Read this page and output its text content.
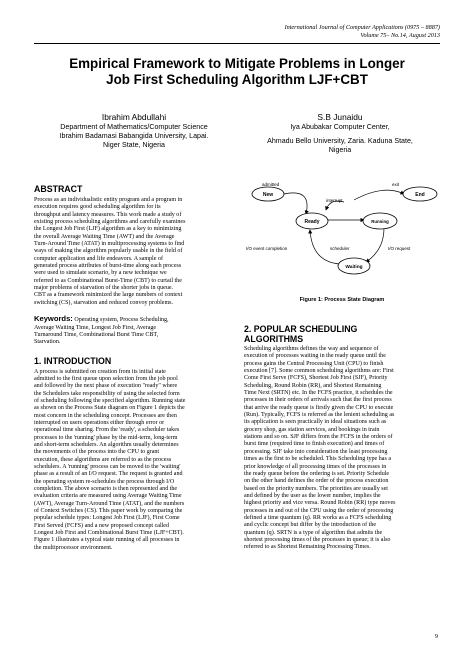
International Journal of Computer Applications (0975 – 8887)
Volume 75– No.14, August 2013
Empirical Framework to Mitigate Problems in Longer
Job First Scheduling Algorithm LJF+CBT
Ibrahim Abdullahi
Department of Mathematics/Computer Science
Ibrahim Badamasi Babangida University, Lapai.
Niger State, Nigeria
S.B Junaidu
Iya Abubakar Computer Center,
Ahmadu Bello University, Zaria. Kaduna State,
Nigeria
ABSTRACT

Process as an individualistic entity program and a program in

execution requires good scheduling algorithm for its

throughput and latency measures. This work made a study of

existing process scheduling algorithms and carefully examines

the Longest Job First (LJF) algorithm as a key to minimizing

the overall Average Waiting Time (AWT) and the Average

Turn-Around Time (ATAT) in multiprocessing systems to find

ways of making the algorithm popularly usable in the field of

computer application and life endeavors. A sample of

generated process attributes of burst-time along each process

were used to simulate scenario, by a new technique we

referred to as Combinational Burst-Time (CBT) to curtail the

major problems of starvation of the shorter jobs in queue.

CBT as a framework minimized the large numbers of context

switching (CS), starvation and reduced convoy problems.

Keywords: Operating system, Process Scheduling,

Average Waiting Time, Longest Job First, Average

Turnaround Time, Combinational Burst Time CBT,

Starvation.

1. INTRODUCTION

A process is submitted on creation from its initial state

admitted to the first queue upon selection from the job pool

and followed by the next phase of execution "ready" where

the Schedulers take responsibility of using the selected form

of scheduling following the specified algorithm. Running state

as shown on the Process State diagram on Figure 1 depicts the

most concern in the scheduling concept. Processes are then

interrupted on users operations either through error or

operational time sharing. From the 'ready', a scheduler takes

processes to the 'running' phase by the mid-term, long-term

and short-term schedulers. An algorithm usually determines

the movements of the process into the CPU to grant

execution, these algorithms are referred to as the process

schedulers. A 'running' process can be moved to the 'waiting'

phase as a result of an I/O request. The request is granted and

the operating system re-schedules the process through I/O

completion. The above scenario is then represented and the

evaluation criteria are measured using Average Waiting Time

(AWT), Average Turn-Around Time (ATAT), and the numbers

of Context Switches (CS). This paper work by comparing the

popular schedule types: Longest Job First (LJF), First Come

First Served (FCFS) and a new proposed concept called

Longest Job First and Combinational Burst Time (LJF+CBT).

Figure 1 illustrates a typical state running of all processes in

the multiprocessor environment.

New
Ready	Running
End
Waiting
admitted
interrupt
exit
I/O event completion	scheduler	I/O request
Figure 1: Process State Diagram
2. POPULAR SCHEDULING
ALGORITHMS

Scheduling algorithms defines the way and sequence of

execution of processes waiting in the ready queue until the

process gains the Central Processing Unit (CPU) to finish

execution [7]. Some common scheduling algorithms are: First

Come First Serve (FCFS), Shortest Job First (SJF), Priority

Scheduling, Round Robin (RR), and Shortest Remaining

Time Next (SRTN) etc. In the FCFS practice, it schedules the

processes in their orders of arrivals such that the first process

that arrive the ready queue is firstly given the CPU to execute

(Run). Typically, FCFS is referred as the lenient scheduling as

its application is seen practically in ideal situations such as

grocery shop, gas station services, and bookings in train

stations and so on. SJF differs from the FCFS in the orders of

burst time (required time to finish execution) and times of

processing. SJF take into consideration the least processing

times as the first to be scheduled. This Scheduling type has a

prior knowledge of all processing times of the processes in

the ready queue before the ordering is set. Priority Schedule

on the other hand defines the order of the process execution

based on the priority numbers. The priorities are usually set

and defined by the user as the lower number, implies the

highest priority and vice versa. Round Robin (RR) type moves

processes in and out of the CPU using the order of processing

defined a time quantum (q). RR works as a FCFS scheduling

and cyclic concept but differ by the introduction of the

quantum (q). SRTN is a type of algorithm that admits the

shortest processing times of the processes in queue; it is also

referred to as Shortest Remaining Processing Times.

9
